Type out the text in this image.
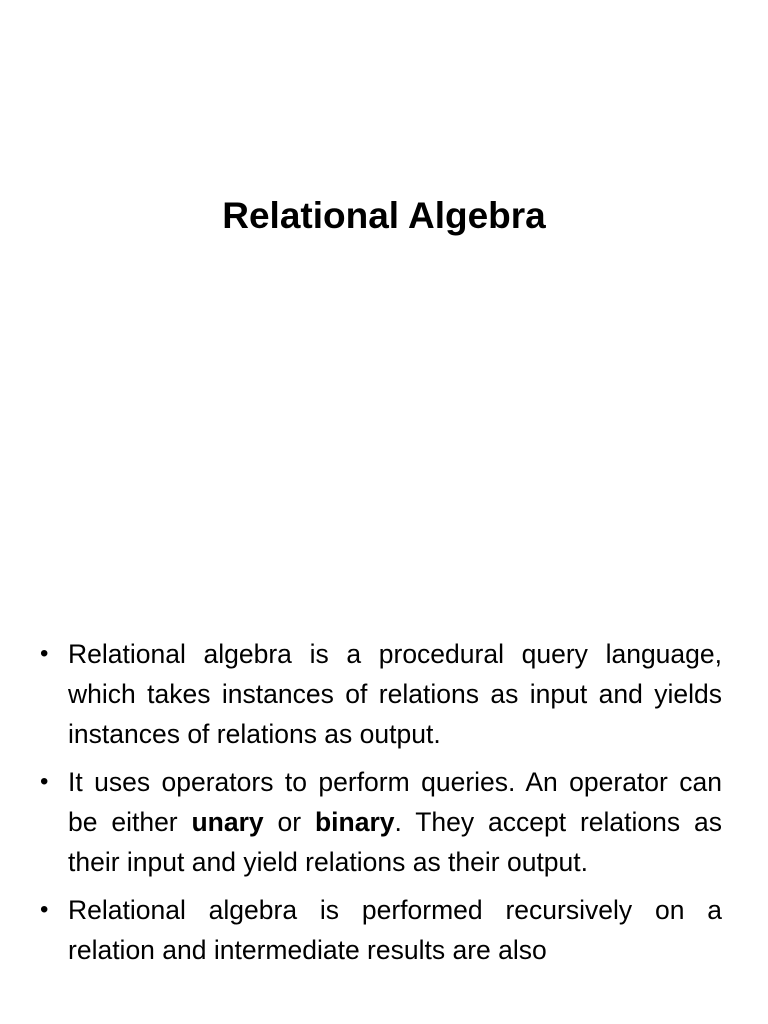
Relational Algebra
• Relational algebra is a procedural query language, which takes instances of relations as input and yields instances of relations as output.
• It uses operators to perform queries. An operator can be either unary or binary. They accept relations as their input and yield relations as their output.
• Relational algebra is performed recursively on a relation and intermediate results are also
